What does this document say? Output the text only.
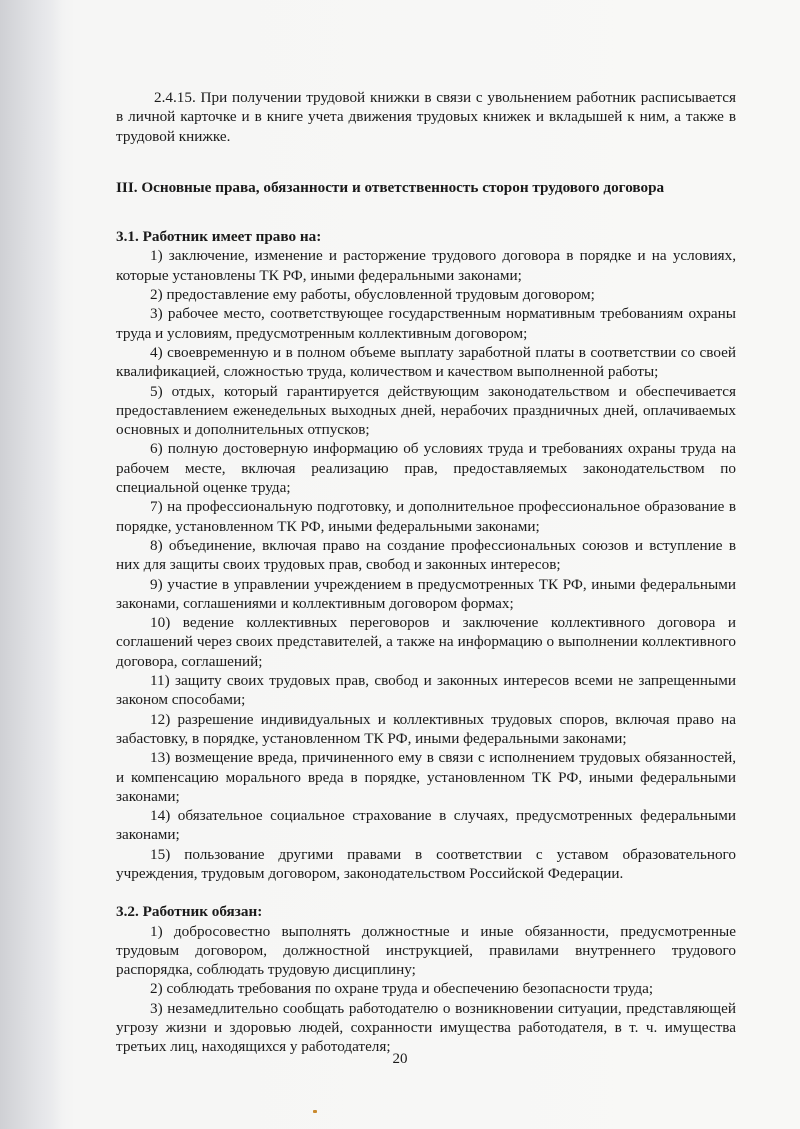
2.4.15. При получении трудовой книжки в связи с увольнением работник расписывается в личной карточке и в книге учета движения трудовых книжек и вкладышей к ним, а также в трудовой книжке.

III. Основные права, обязанности и ответственность сторон трудового договора

3.1. Работник имеет право на:

1) заключение, изменение и расторжение трудового договора в порядке и на условиях, которые установлены ТК РФ, иными федеральными законами;

2) предоставление ему работы, обусловленной трудовым договором;

3) рабочее место, соответствующее государственным нормативным требованиям охраны труда и условиям, предусмотренным коллективным договором;

4) своевременную и в полном объеме выплату заработной платы в соответствии со своей квалификацией, сложностью труда, количеством и качеством выполненной работы;

5) отдых, который гарантируется действующим законодательством и обеспечивается предоставлением еженедельных выходных дней, нерабочих праздничных дней, оплачиваемых основных и дополнительных отпусков;

6) полную достоверную информацию об условиях труда и требованиях охраны труда на рабочем месте, включая реализацию прав, предоставляемых законодательством по специальной оценке труда;

7) на профессиональную подготовку, и дополнительное профессиональное образование в порядке, установленном ТК РФ, иными федеральными законами;

8) объединение, включая право на создание профессиональных союзов и вступление в них для защиты своих трудовых прав, свобод и законных интересов;

9) участие в управлении учреждением в предусмотренных ТК РФ, иными федеральными законами, соглашениями и коллективным договором формах;

10) ведение коллективных переговоров и заключение коллективного договора и соглашений через своих представителей, а также на информацию о выполнении коллективного договора, соглашений;

11) защиту своих трудовых прав, свобод и законных интересов всеми не запрещенными законом способами;

12) разрешение индивидуальных и коллективных трудовых споров, включая право на забастовку, в порядке, установленном ТК РФ, иными федеральными законами;

13) возмещение вреда, причиненного ему в связи с исполнением трудовых обязанностей, и компенсацию морального вреда в порядке, установленном ТК РФ, иными федеральными законами;

14) обязательное социальное страхование в случаях, предусмотренных федеральными законами;

15) пользование другими правами в соответствии с уставом образовательного учреждения, трудовым договором, законодательством Российской Федерации.

3.2. Работник обязан:

1) добросовестно выполнять должностные и иные обязанности, предусмотренные трудовым договором, должностной инструкцией, правилами внутреннего трудового распорядка, соблюдать трудовую дисциплину;

2) соблюдать требования по охране труда и обеспечению безопасности труда;

3) незамедлительно сообщать работодателю о возникновении ситуации, представляющей угрозу жизни и здоровью людей, сохранности имущества работодателя, в т. ч. имущества третьих лиц, находящихся у работодателя;

20
